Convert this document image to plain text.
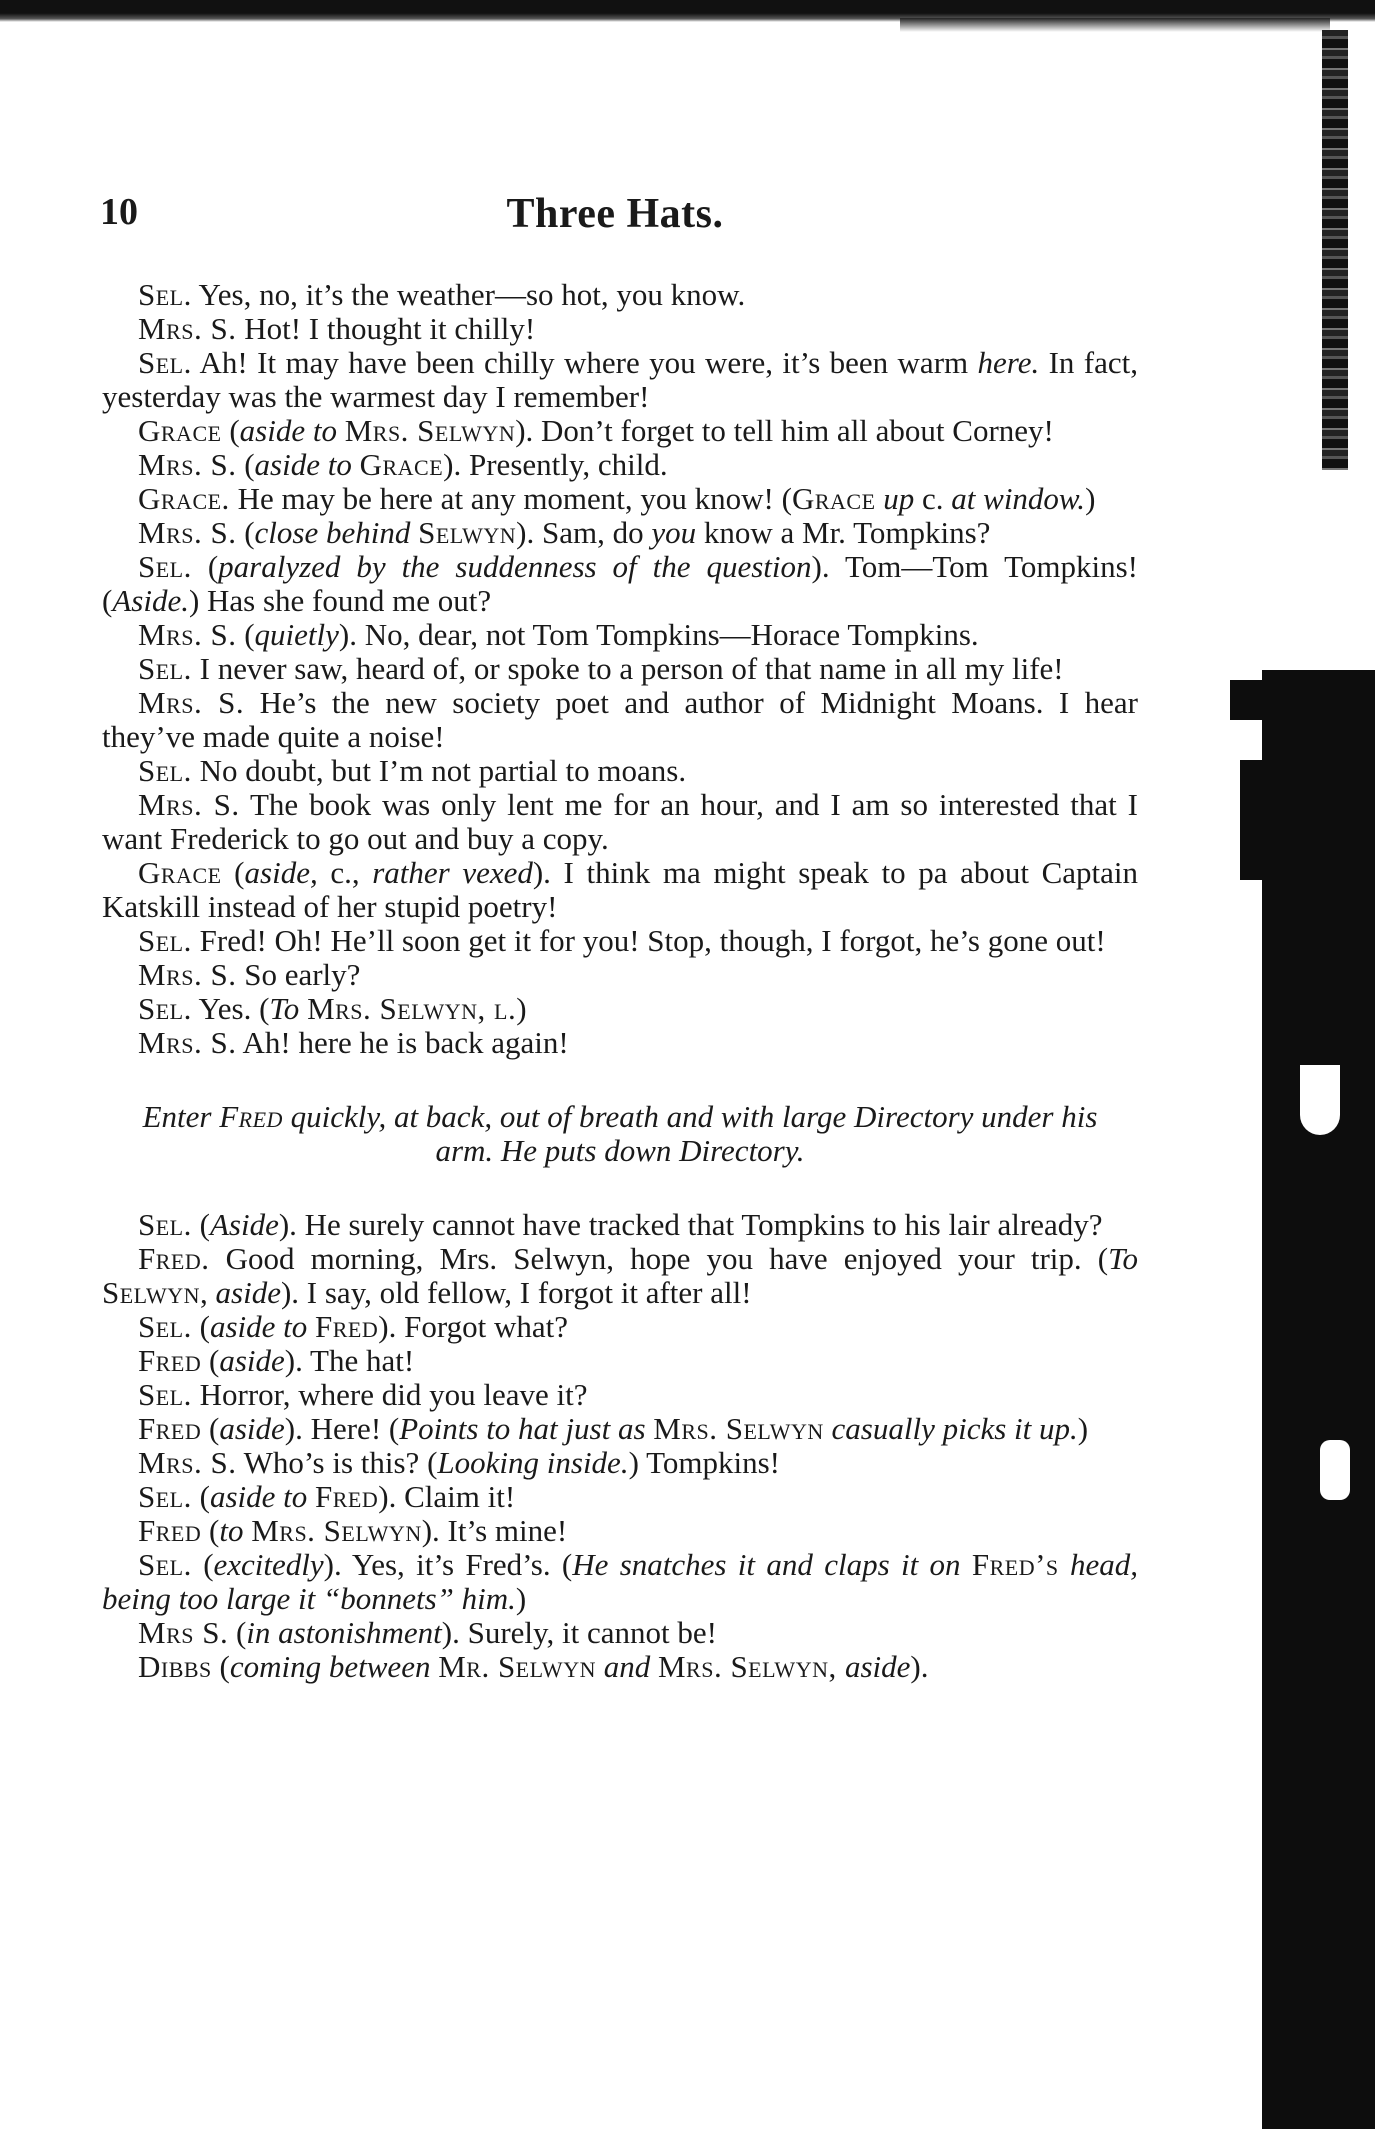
10	Three Hats.

Sel. Yes, no, it’s the weather—so hot, you know.

Mrs. S. Hot! I thought it chilly!

Sel. Ah! It may have been chilly where you were, it’s been warm here. In fact, yesterday was the warmest day I remember!

Grace (aside to Mrs. Selwyn). Don’t forget to tell him all about Corney!

Mrs. S. (aside to Grace). Presently, child.

Grace. He may be here at any moment, you know! (Grace up c. at window.)

Mrs. S. (close behind Selwyn). Sam, do you know a Mr. Tompkins?

Sel. (paralyzed by the suddenness of the question). Tom—Tom Tompkins! (Aside.) Has she found me out?

Mrs. S. (quietly). No, dear, not Tom Tompkins—Horace Tompkins.

Sel. I never saw, heard of, or spoke to a person of that name in all my life!

Mrs. S. He’s the new society poet and author of Midnight Moans. I hear they’ve made quite a noise!

Sel. No doubt, but I’m not partial to moans.

Mrs. S. The book was only lent me for an hour, and I am so interested that I want Frederick to go out and buy a copy.

Grace (aside, c., rather vexed). I think ma might speak to pa about Captain Katskill instead of her stupid poetry!

Sel. Fred! Oh! He’ll soon get it for you! Stop, though, I forgot, he’s gone out!

Mrs. S. So early?

Sel. Yes. (To Mrs. Selwyn, l.)

Mrs. S. Ah! here he is back again!

Enter Fred quickly, at back, out of breath and with large Directory under his arm. He puts down Directory.

Sel. (Aside). He surely cannot have tracked that Tompkins to his lair already?

Fred. Good morning, Mrs. Selwyn, hope you have enjoyed your trip. (To Selwyn, aside). I say, old fellow, I forgot it after all!

Sel. (aside to Fred). Forgot what?

Fred (aside). The hat!

Sel. Horror, where did you leave it?

Fred (aside). Here! (Points to hat just as Mrs. Selwyn casually picks it up.)

Mrs. S. Who’s is this? (Looking inside.) Tompkins!

Sel. (aside to Fred). Claim it!

Fred (to Mrs. Selwyn). It’s mine!

Sel. (excitedly). Yes, it’s Fred’s. (He snatches it and claps it on Fred’s head, being too large it “bonnets” him.)

Mrs S. (in astonishment). Surely, it cannot be!

Dibbs (coming between Mr. Selwyn and Mrs. Selwyn, aside).
